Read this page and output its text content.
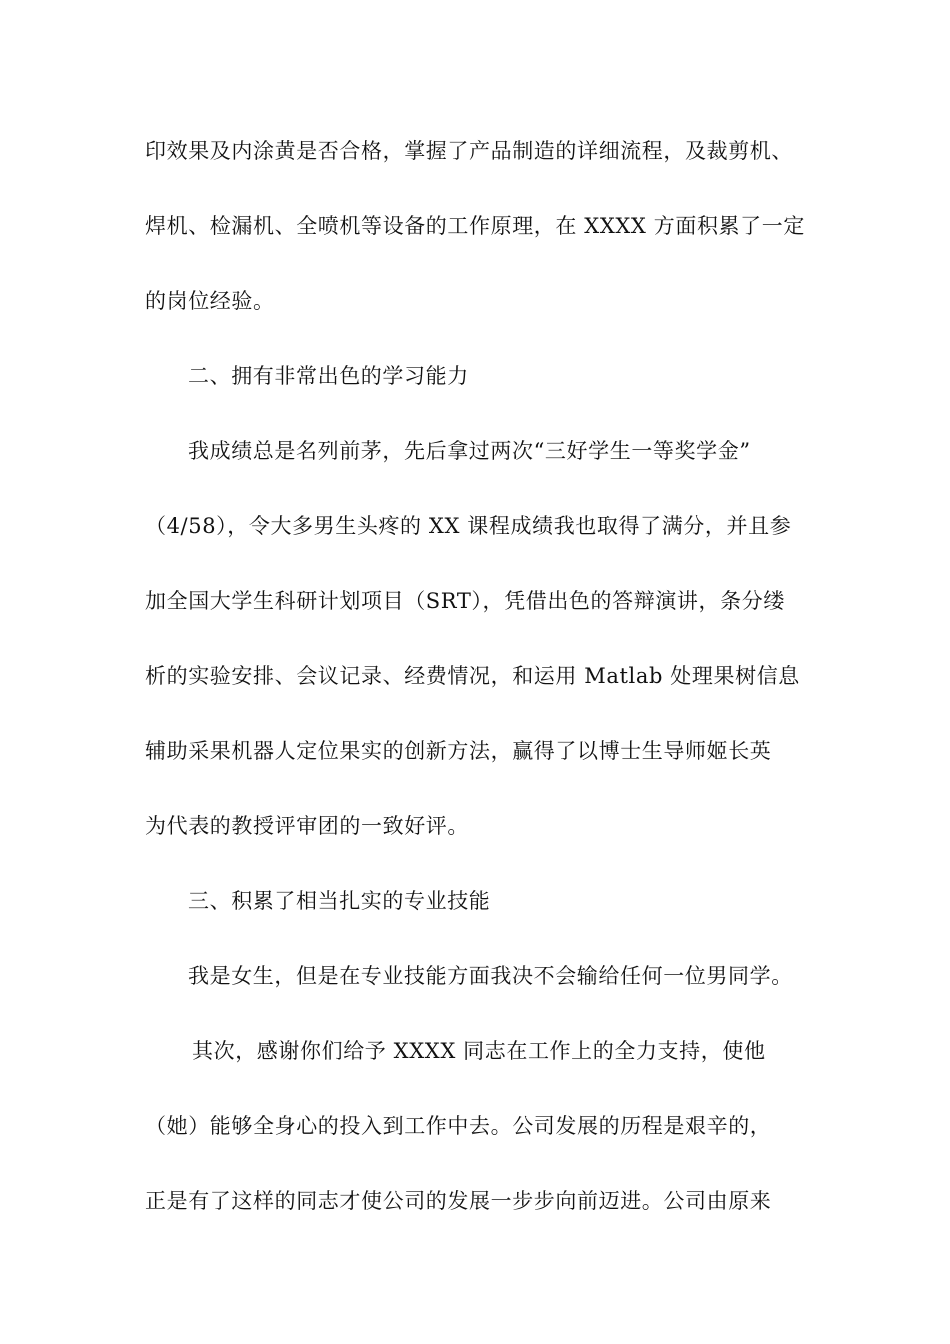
印效果及内涂黄是否合格，掌握了产品制造的详细流程，及裁剪机、
焊机、检漏机、全喷机等设备的工作原理，在 XXXX 方面积累了一定
的岗位经验。
二、拥有非常出色的学习能力
我成绩总是名列前茅，先后拿过两次“三好学生一等奖学金”
（4/58），令大多男生头疼的 XX 课程成绩我也取得了满分，并且参
加全国大学生科研计划项目（SRT），凭借出色的答辩演讲，条分缕
析的实验安排、会议记录、经费情况，和运用 Matlab 处理果树信息
辅助采果机器人定位果实的创新方法，赢得了以博士生导师姬长英
为代表的教授评审团的一致好评。
三、积累了相当扎实的专业技能
我是女生，但是在专业技能方面我决不会输给任何一位男同学。
其次，感谢你们给予 XXXX 同志在工作上的全力支持，使他
（她）能够全身心的投入到工作中去。公司发展的历程是艰辛的，
正是有了这样的同志才使公司的发展一步步向前迈进。公司由原来
